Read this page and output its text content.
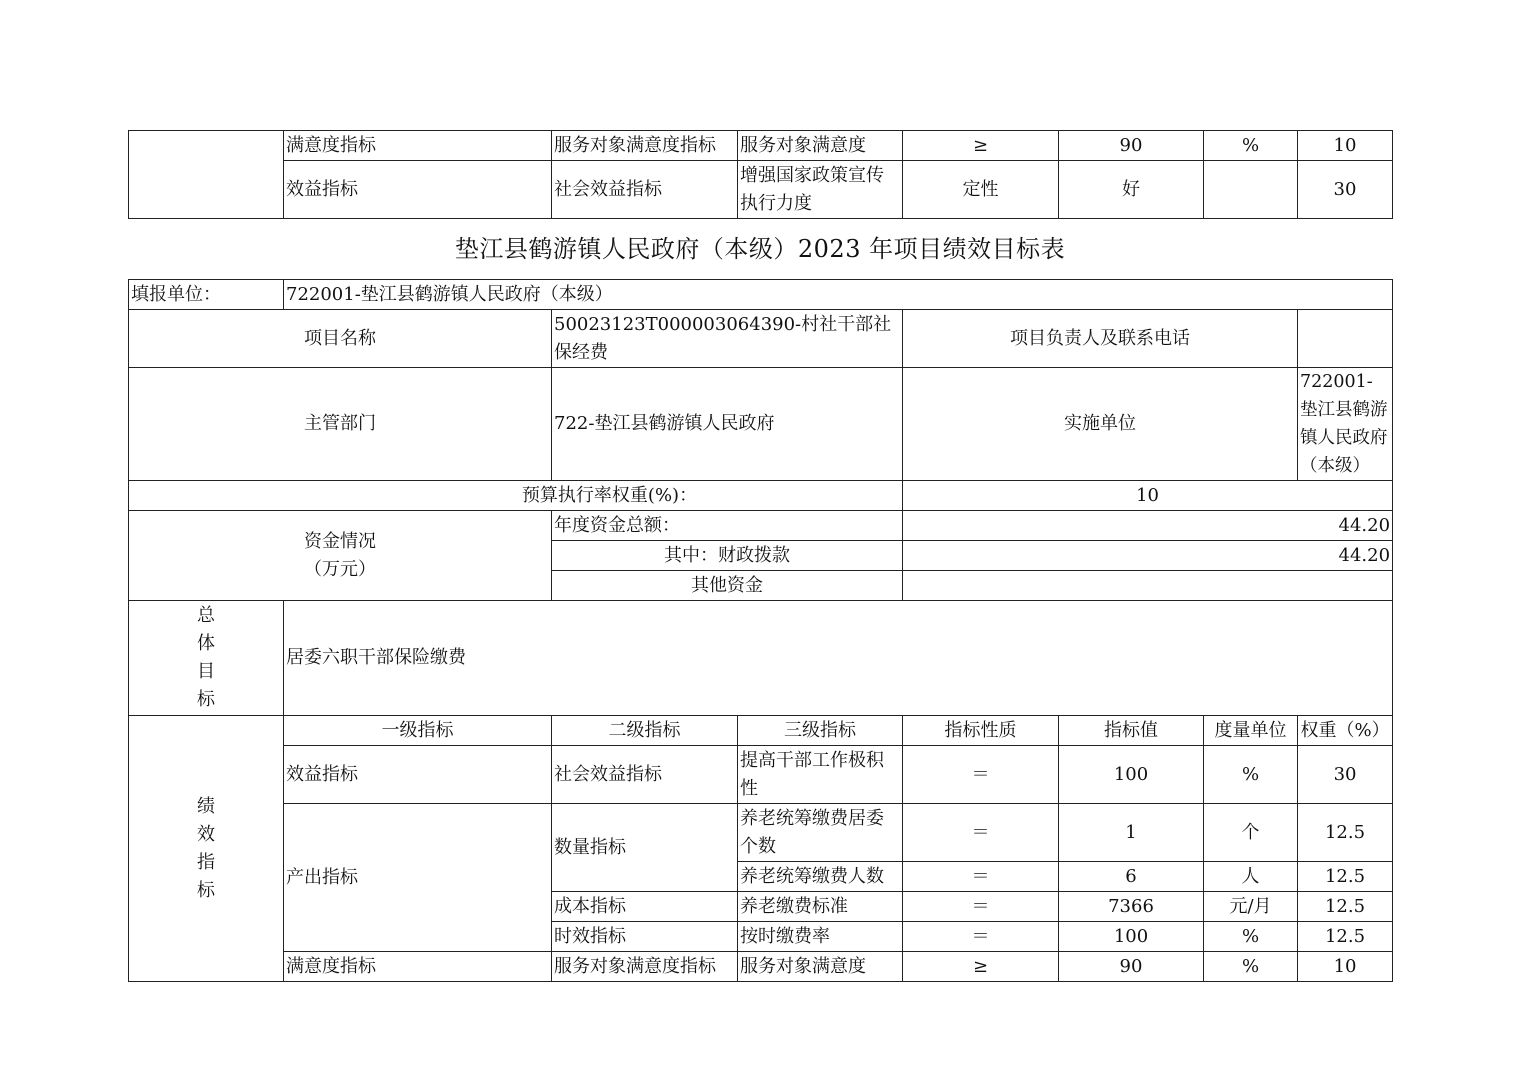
	满意度指标	服务对象满意度指标	服务对象满意度	≥	90	%	10
	效益指标	社会效益指标	增强国家政策宣传执行力度	定性	好		30
垫江县鹤游镇人民政府（本级）2023 年项目绩效目标表
填报单位：	722001-垫江县鹤游镇人民政府（本级）						
项目名称		50023123T000003064390-村社干部社保经费		项目负责人及联系电话			
主管部门		722-垫江县鹤游镇人民政府		实施单位			722001-垫江县鹤游镇人民政府（本级）
预算执行率权重(%)：				10			

资金情况
（万元）		年度资金总额：		44.20			
		其中：财政拨款		44.20			
		其他资金					
总
体
目
标	居委六职干部保险缴费						
绩
效
指
标	一级指标	二级指标	三级指标	指标性质	指标值	度量单位	权重（%）
	效益指标	社会效益指标	提高干部工作极积性	＝	100	%	30
	产出指标	数量指标	养老统筹缴费居委个数	＝	1	个	12.5
			养老统筹缴费人数	＝	6	人	12.5
		成本指标	养老缴费标准	＝	7366	元/月	12.5
		时效指标	按时缴费率	＝	100	%	12.5
	满意度指标	服务对象满意度指标	服务对象满意度	≥	90	%	10
